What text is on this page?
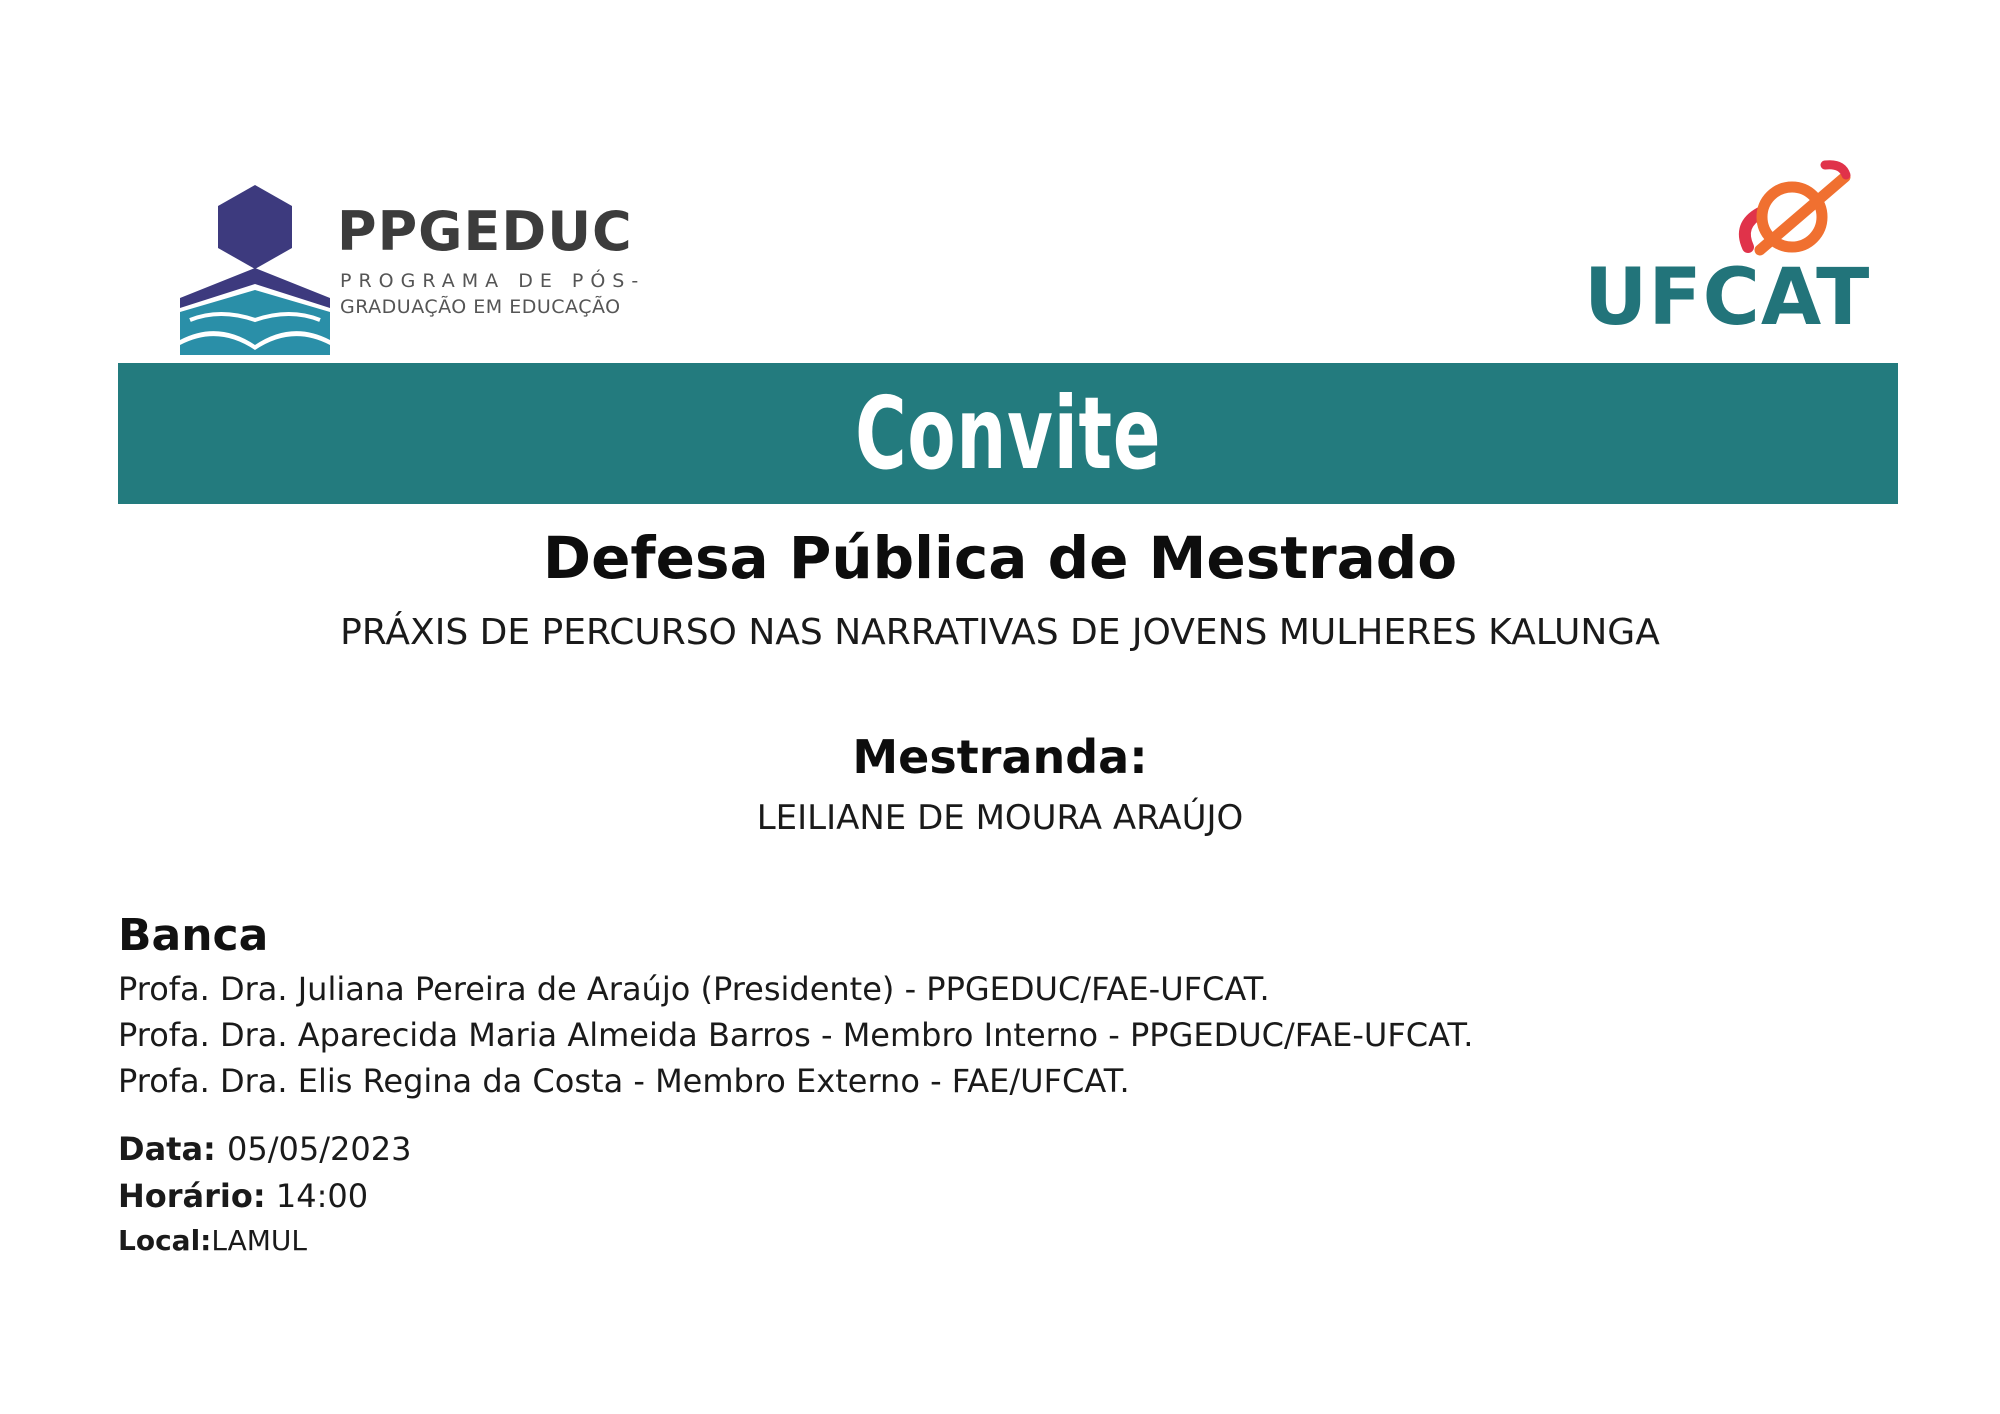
PPGEDUC
PROGRAMA DE PÓS-
GRADUAÇÃO EM EDUCAÇÃO	UFCAT
Convite
Defesa Pública de Mestrado
PRÁXIS DE PERCURSO NAS NARRATIVAS DE JOVENS MULHERES KALUNGA
Mestranda:
LEILIANE DE MOURA ARAÚJO
Banca
Profa. Dra. Juliana Pereira de Araújo (Presidente) - PPGEDUC/FAE-UFCAT.
Profa. Dra. Aparecida Maria Almeida Barros - Membro Interno - PPGEDUC/FAE-UFCAT.
Profa. Dra. Elis Regina da Costa - Membro Externo - FAE/UFCAT.
Data: 05/05/2023
Horário: 14:00
Local:LAMUL
